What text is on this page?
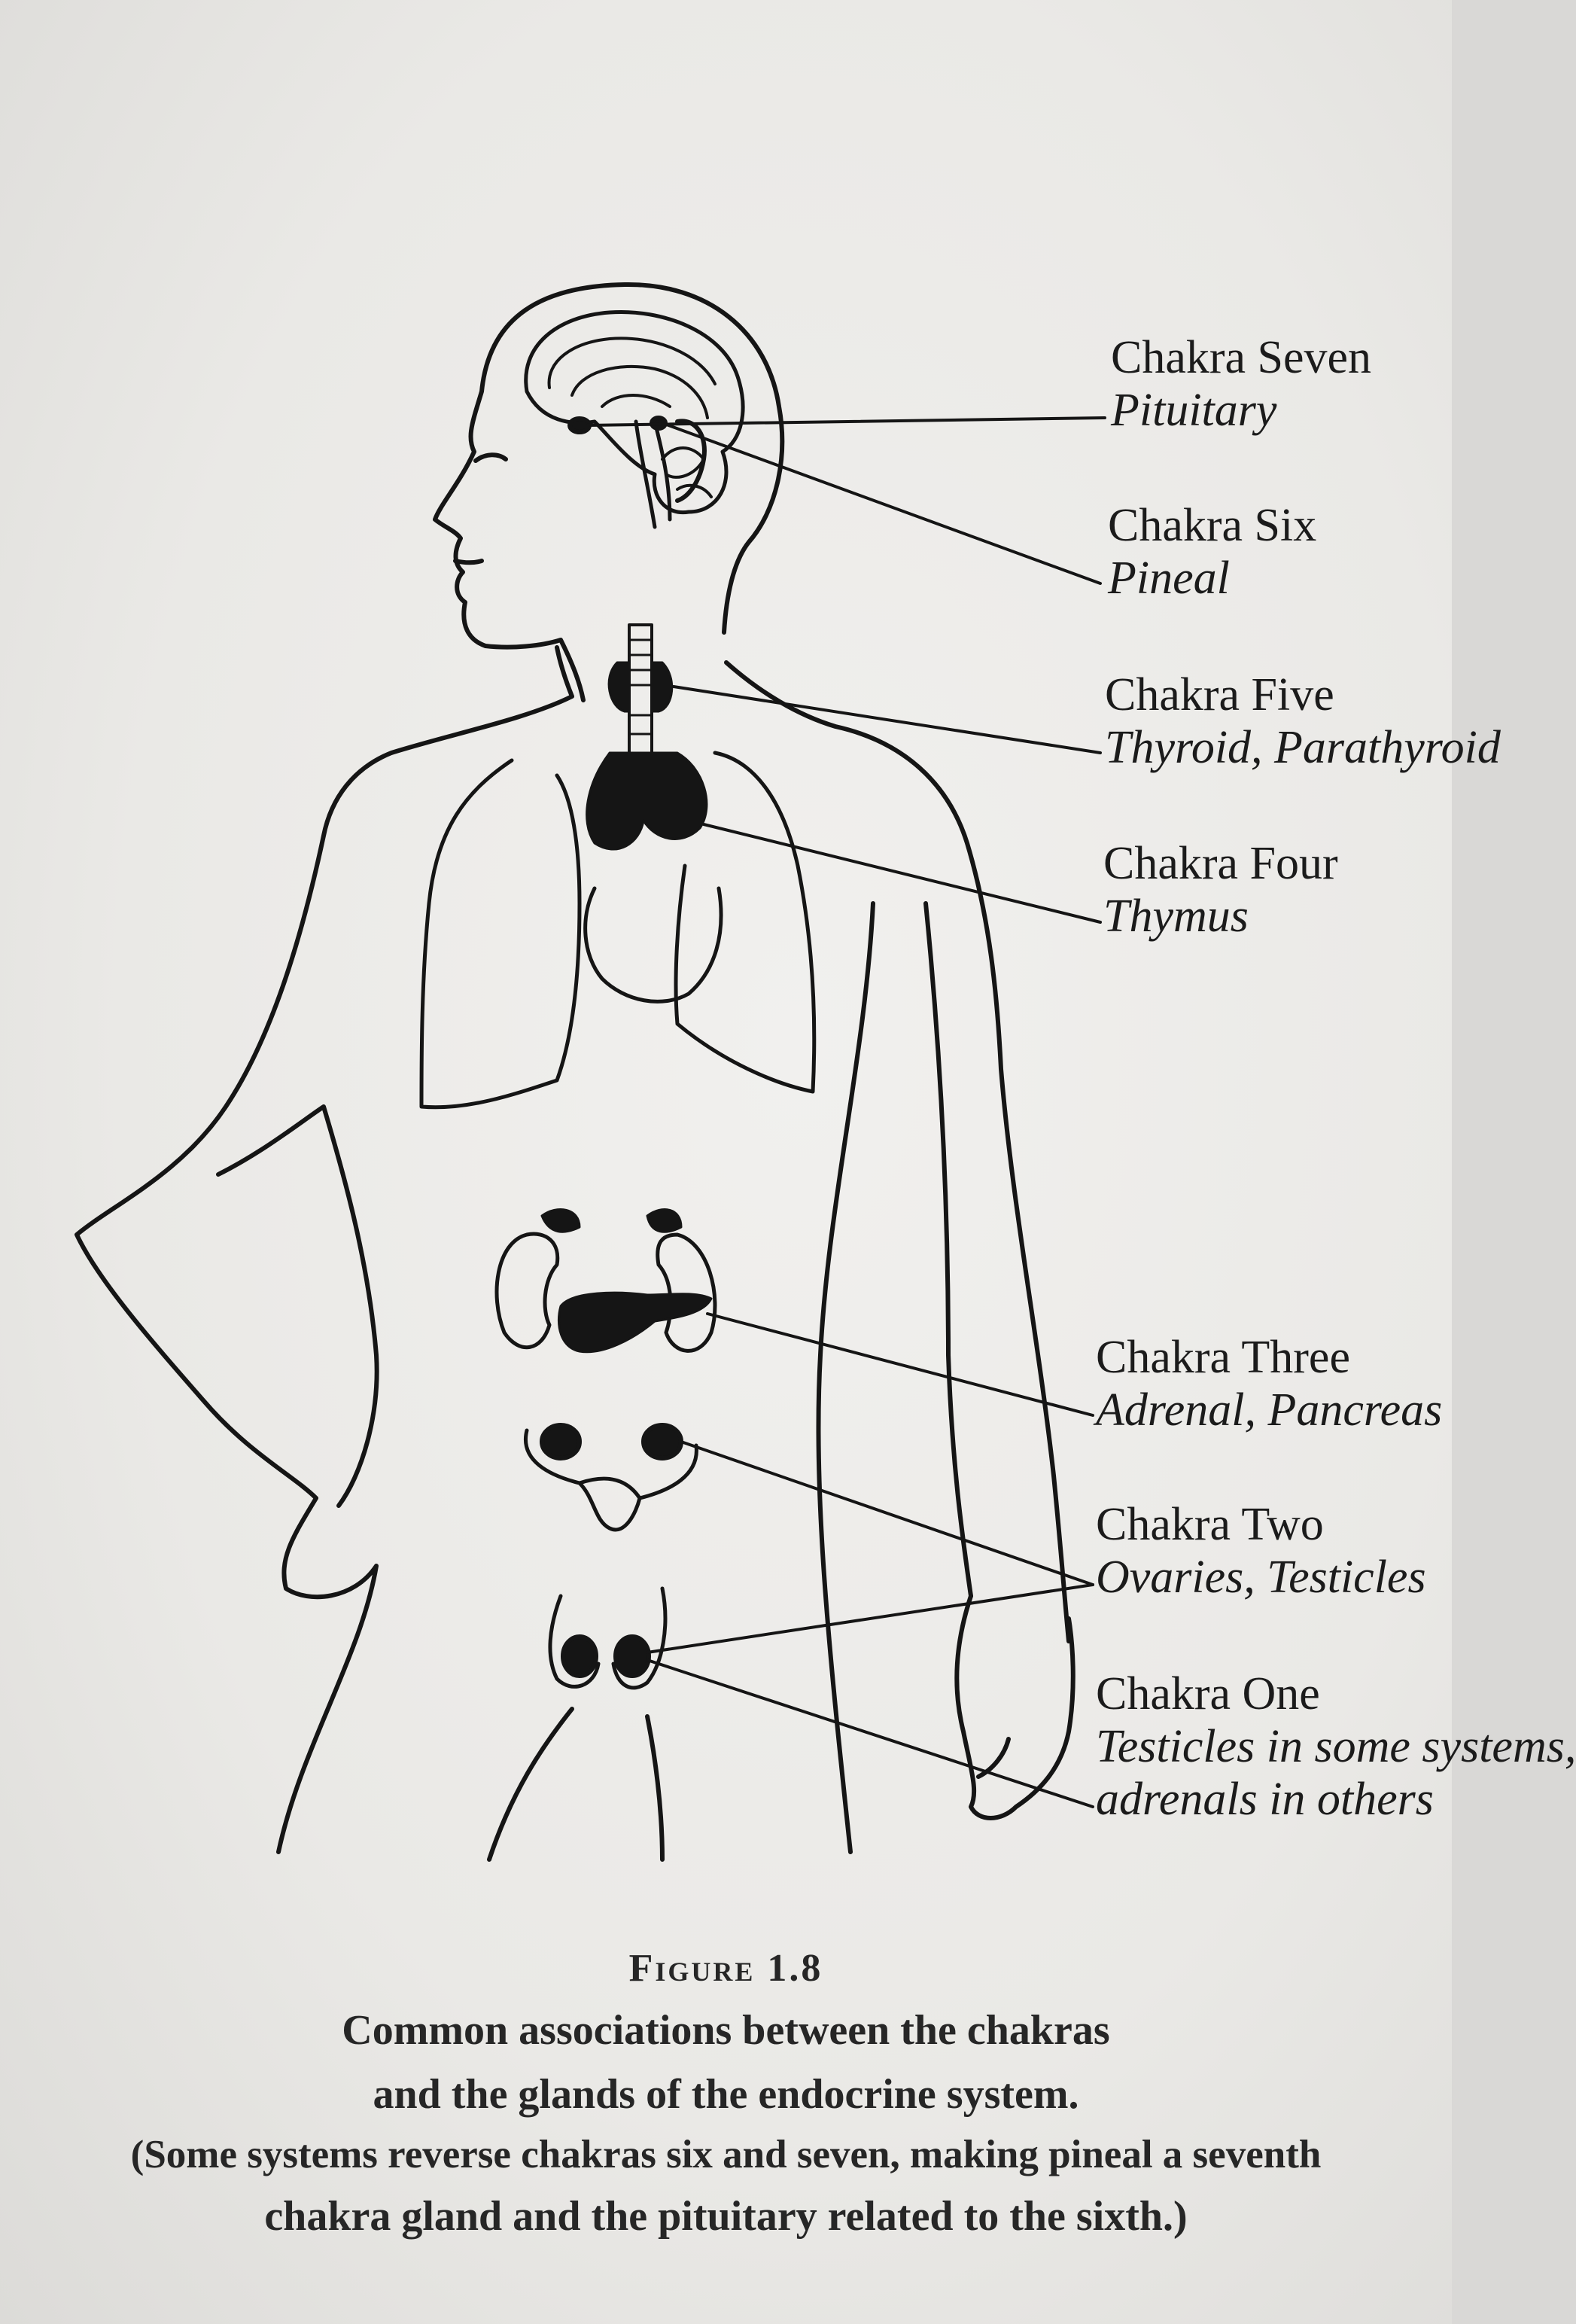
Chakra Seven
Pituitary
Chakra Six
Pineal
Chakra Five
Thyroid, Parathyroid
Chakra Four
Thymus
Chakra Three
Adrenal, Pancreas
Chakra Two
Ovaries, Testicles
Chakra One
Testicles in some systems,
adrenals in others
Figure 1.8
Common associations between the chakras
and the glands of the endocrine system.
(Some systems reverse chakras six and seven, making pineal a seventh
chakra gland and the pituitary related to the sixth.)
